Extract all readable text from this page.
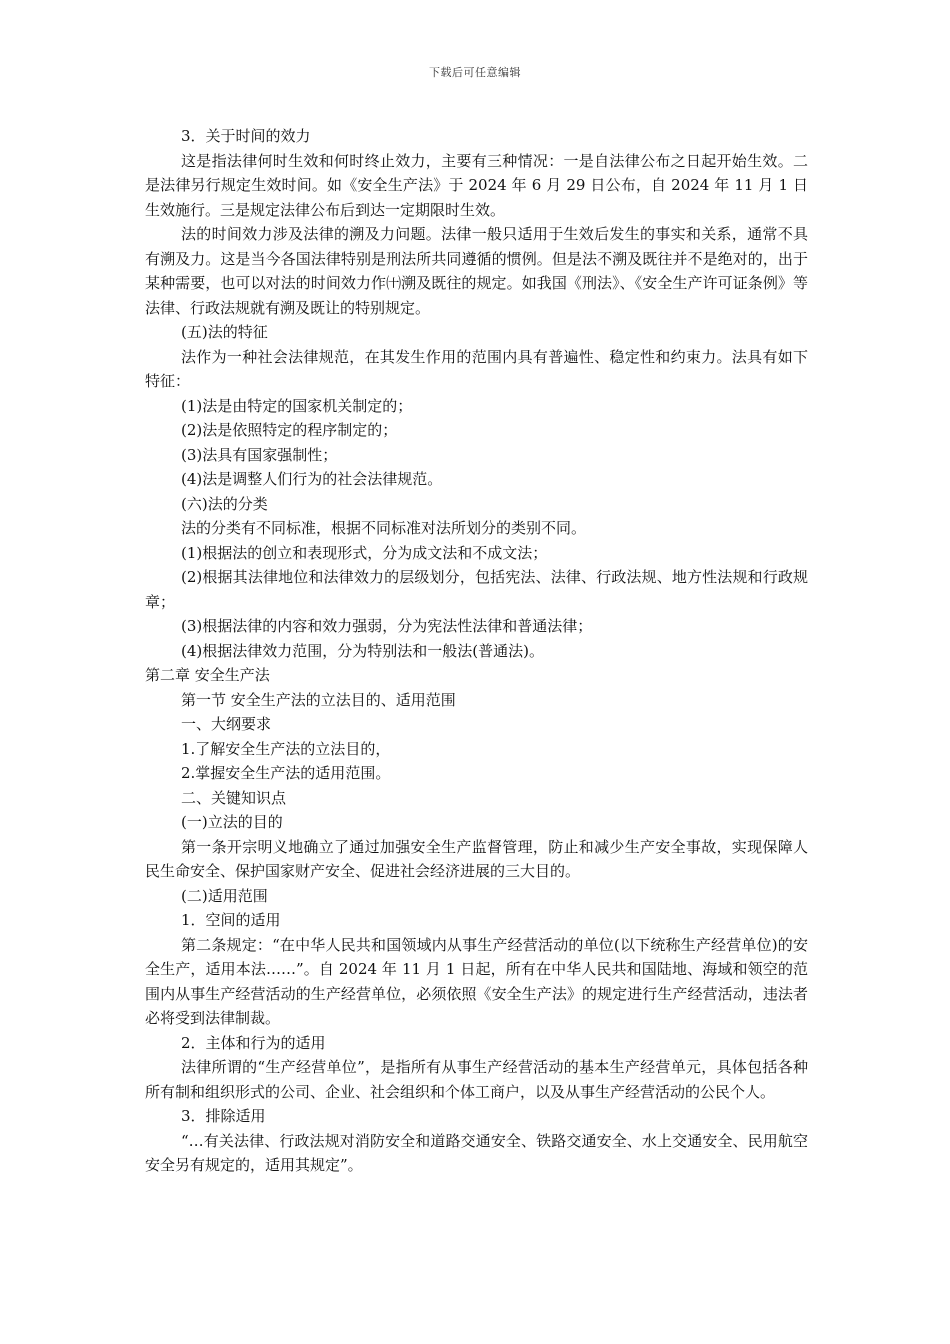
下载后可任意编辑

3．关于时间的效力

这是指法律何时生效和何时终止效力，主要有三种情况：一是自法律公布之日起开始生效。二是法律另行规定生效时间。如《安全生产法》于 2024 年 6 月 29 日公布，自 2024 年 11 月 1 日生效施行。三是规定法律公布后到达一定期限时生效。

法的时间效力涉及法律的溯及力问题。法律一般只适用于生效后发生的事实和关系，通常不具有溯及力。这是当今各国法律特别是刑法所共同遵循的惯例。但是法不溯及既往并不是绝对的，出于某种需要，也可以对法的时间效力作㈩溯及既往的规定。如我国《刑法》、《安全生产许可证条例》等法律、行政法规就有溯及既让的特别规定。

(五)法的特征

法作为一种社会法律规范，在其发生作用的范围内具有普遍性、稳定性和约束力。法具有如下特征：

(1)法是由特定的国家机关制定的；

(2)法是依照特定的程序制定的；

(3)法具有国家强制性；

(4)法是调整人们行为的社会法律规范。

(六)法的分类

法的分类有不同标准，根据不同标准对法所划分的类别不同。

(1)根据法的创立和表现形式，分为成文法和不成文法；

(2)根据其法律地位和法律效力的层级划分，包括宪法、法律、行政法规、地方性法规和行政规章；

(3)根据法律的内容和效力强弱，分为宪法性法律和普通法律；

(4)根据法律效力范围，分为特别法和一般法(普通法)。

第二章 安全生产法

第一节 安全生产法的立法目的、适用范围

一、大纲要求

1.了解安全生产法的立法目的，

2.掌握安全生产法的适用范围。

二、关键知识点

(一)立法的目的

第一条开宗明义地确立了通过加强安全生产监督管理，防止和减少生产安全事故，实现保障人民生命安全、保护国家财产安全、促进社会经济进展的三大目的。

(二)适用范围

1．空间的适用

第二条规定：“在中华人民共和国领域内从事生产经营活动的单位(以下统称生产经营单位)的安全生产，适用本法……”。自 2024 年 11 月 1 日起，所有在中华人民共和国陆地、海域和领空的范围内从事生产经营活动的生产经营单位，必须依照《安全生产法》的规定进行生产经营活动，违法者必将受到法律制裁。

2．主体和行为的适用

法律所谓的“生产经营单位”，是指所有从事生产经营活动的基本生产经营单元，具体包括各种所有制和组织形式的公司、企业、社会组织和个体工商户，以及从事生产经营活动的公民个人。

3．排除适用

“…有关法律、行政法规对消防安全和道路交通安全、铁路交通安全、水上交通安全、民用航空安全另有规定的，适用其规定”。
